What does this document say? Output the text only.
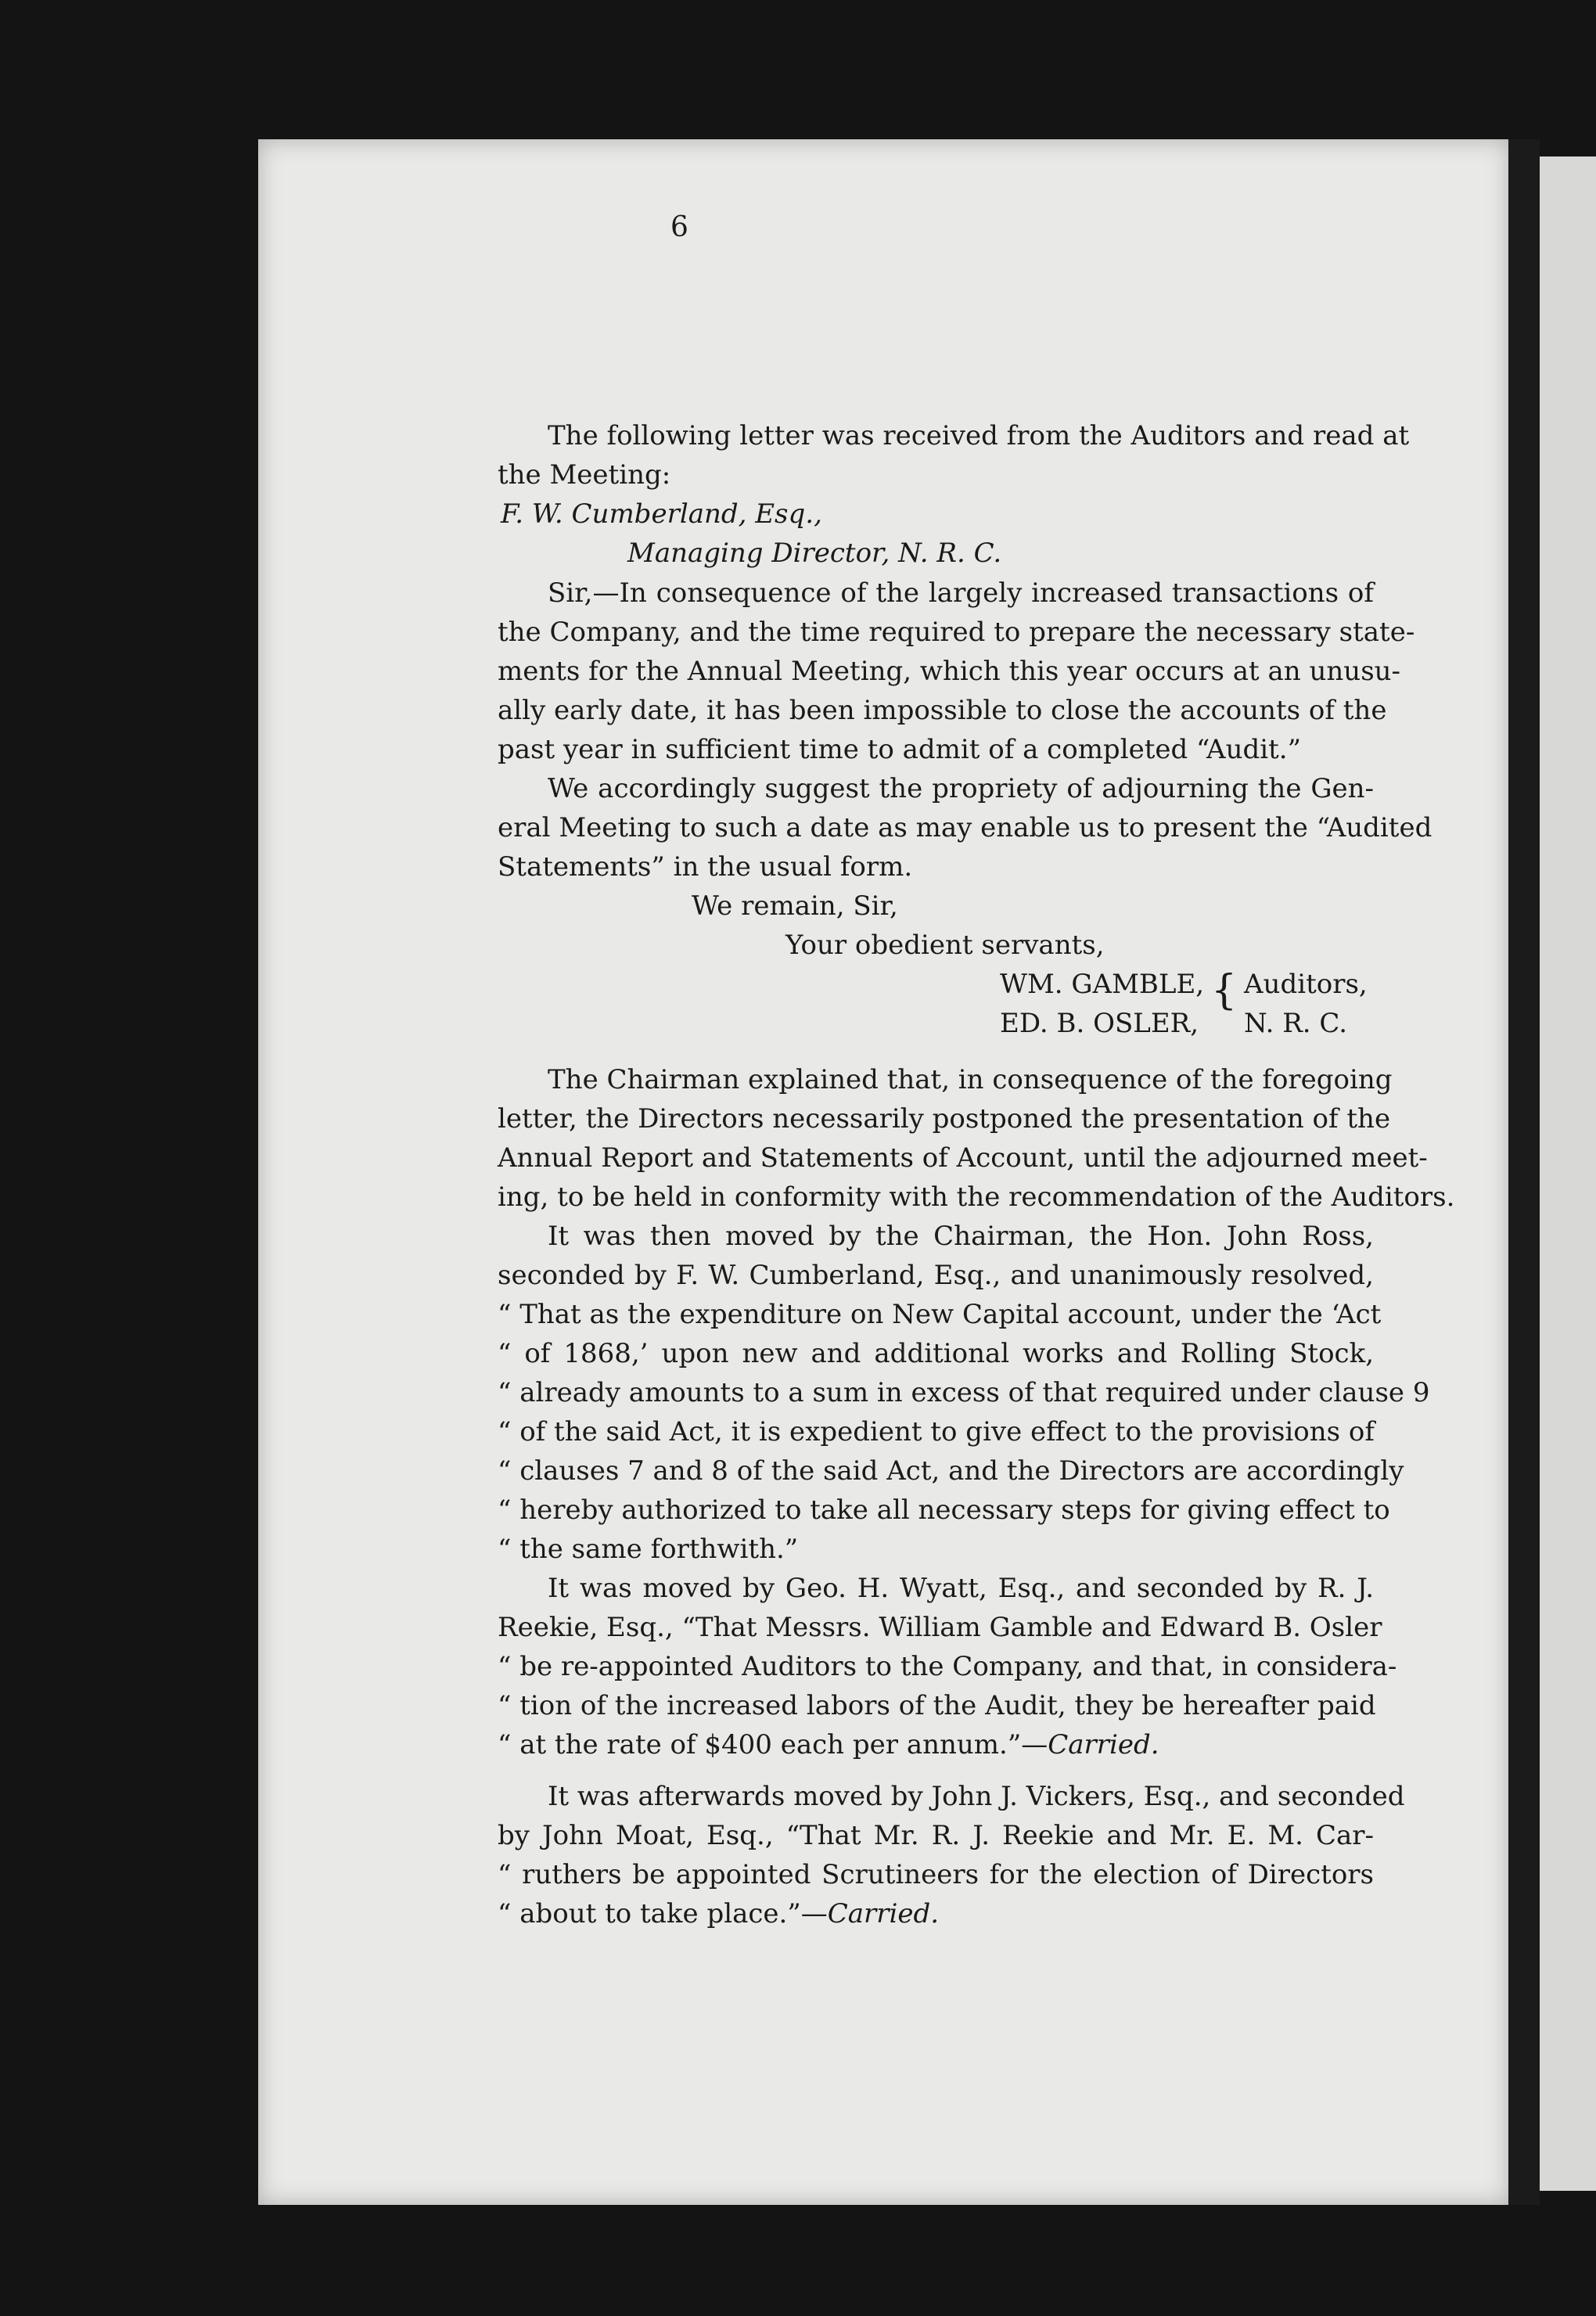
6
The following letter was received from the Auditors and read at
the Meeting:
F. W. Cumberland, Esq.,
Managing Director, N. R. C.
Sir,—In consequence of the largely increased transactions of
the Company, and the time required to prepare the necessary state-
ments for the Annual Meeting, which this year occurs at an unusu-
ally early date, it has been impossible to close the accounts of the
past year in sufficient time to admit of a completed “Audit.”
We accordingly suggest the propriety of adjourning the Gen-
eral Meeting to such a date as may enable us to present the “Audited
Statements” in the usual form.
We remain, Sir,
Your obedient servants,
WM. GAMBLE,
ED. B. OSLER,
{ Auditors,
N. R. C.
The Chairman explained that, in consequence of the foregoing
letter, the Directors necessarily postponed the presentation of the
Annual Report and Statements of Account, until the adjourned meet-
ing, to be held in conformity with the recommendation of the Auditors.
It was then moved by the Chairman, the Hon. John Ross,
seconded by F. W. Cumberland, Esq., and unanimously resolved,
“ That as the expenditure on New Capital account, under the ‘Act
“ of 1868,’ upon new and additional works and Rolling Stock,
“ already amounts to a sum in excess of that required under clause 9
“ of the said Act, it is expedient to give effect to the provisions of
“ clauses 7 and 8 of the said Act, and the Directors are accordingly
“ hereby authorized to take all necessary steps for giving effect to
“ the same forthwith.”
It was moved by Geo. H. Wyatt, Esq., and seconded by R. J.
Reekie, Esq., “That Messrs. William Gamble and Edward B. Osler
“ be re-appointed Auditors to the Company, and that, in considera-
“ tion of the increased labors of the Audit, they be hereafter paid
“ at the rate of $400 each per annum.”—Carried.
It was afterwards moved by John J. Vickers, Esq., and seconded
by John Moat, Esq., “That Mr. R. J. Reekie and Mr. E. M. Car-
“ ruthers be appointed Scrutineers for the election of Directors
“ about to take place.”—Carried.
